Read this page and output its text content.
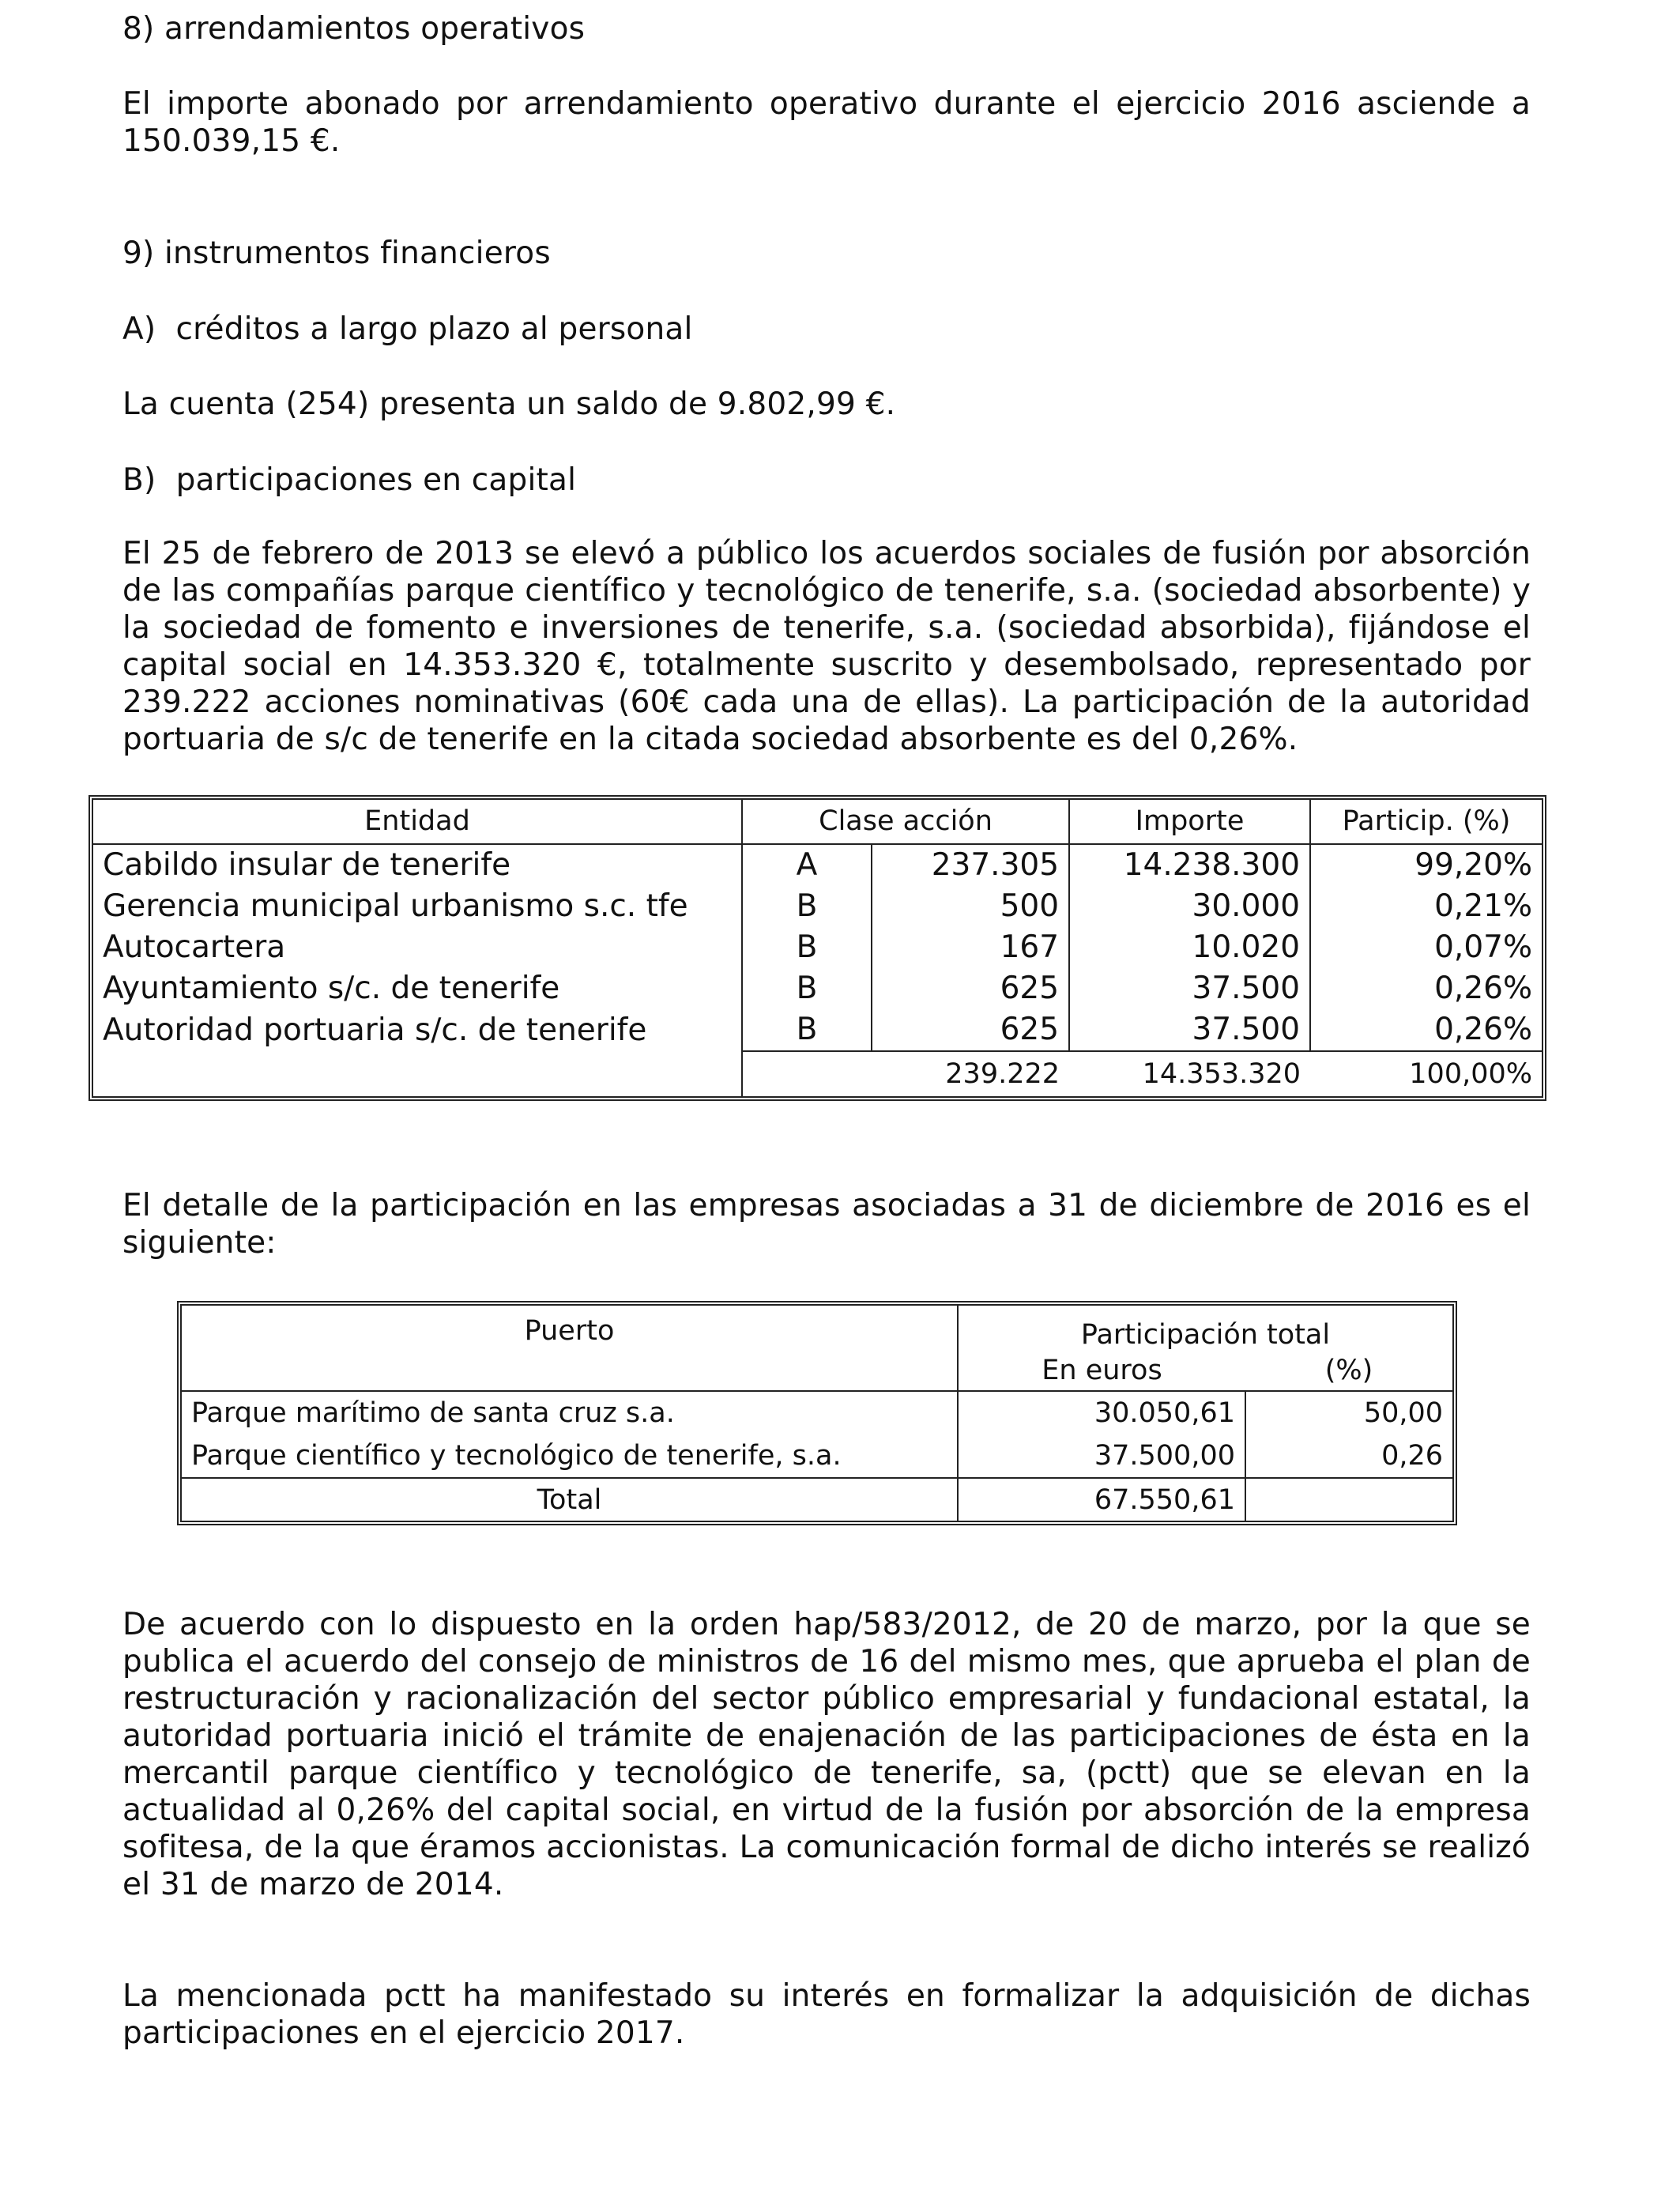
8) arrendamientos operativos

El importe abonado por arrendamiento operativo durante el ejercicio 2016 asciende a

150.039,15 €.

9) instrumentos financieros

A)  créditos a largo plazo al personal

La cuenta (254) presenta un saldo de 9.802,99 €.

B)  participaciones en capital

El 25 de febrero de 2013 se elevó a público los acuerdos sociales de fusión por absorción

de las compañías parque científico y tecnológico de tenerife, s.a. (sociedad absorbente) y

la sociedad de fomento e inversiones de tenerife, s.a. (sociedad absorbida), fijándose el

capital social en 14.353.320 €, totalmente suscrito y desembolsado, representado por

239.222 acciones nominativas (60€ cada una de ellas). La participación de la autoridad

portuaria de s/c de tenerife en la citada sociedad absorbente es del 0,26%.

Entidad	Clase acción		Importe	Particip. (%)
Cabildo insular de tenerife	A	237.305	14.238.300	99,20%
Gerencia municipal urbanismo s.c. tfe	B	500	30.000	0,21%
Autocartera	B	167	10.020	0,07%
Ayuntamiento s/c. de tenerife	B	625	37.500	0,26%
Autoridad portuaria s/c. de tenerife	B	625	37.500	0,26%
		239.222	14.353.320	100,00%

El detalle de la participación en las empresas asociadas a 31 de diciembre de 2016 es el

siguiente:

Puerto	Participación total	
	En euros	(%)
Parque marítimo de santa cruz s.a.	30.050,61	50,00
Parque científico y tecnológico de tenerife, s.a.	37.500,00	0,26
Total	67.550,61	

De acuerdo con lo dispuesto en la orden hap/583/2012, de 20 de marzo, por la que se

publica el acuerdo del consejo de ministros de 16 del mismo mes, que aprueba el plan de

restructuración y racionalización del sector público empresarial y fundacional estatal, la

autoridad portuaria inició el trámite de enajenación de las participaciones de ésta en la

mercantil parque científico y tecnológico de tenerife, sa, (pctt) que se elevan en la

actualidad al 0,26% del capital social, en virtud de la fusión por absorción de la empresa

sofitesa, de la que éramos accionistas. La comunicación formal de dicho interés se realizó

el 31 de marzo de 2014.

La mencionada pctt ha manifestado su interés en formalizar la adquisición de dichas

participaciones en el ejercicio 2017.
